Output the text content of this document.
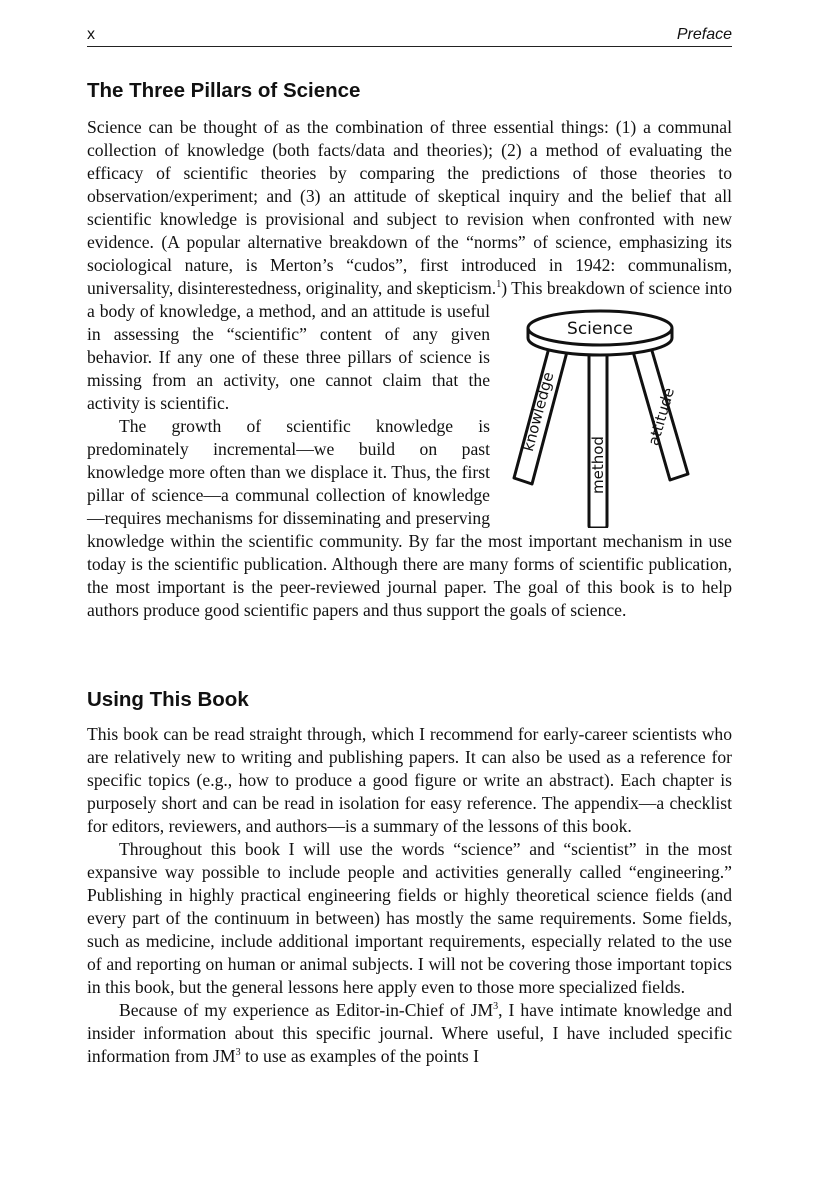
x	Preface
The Three Pillars of Science

Science can be thought of as the combination of three essential things: (1) a communal collection of knowledge (both facts/data and theories); (2) a method of evaluating the efficacy of scientific theories by comparing the predictions of those theories to observation/experiment; and (3) an attitude of skeptical inquiry and the belief that all scientific knowledge is provisional and subject to revision when confronted with new evidence. (A popular alternative breakdown of the “norms” of science, emphasizing its sociological nature, is Merton’s “cudos”, first introduced in 1942: communalism, universality, disinterestedness, originality, and skepticism.
knowledge
method
attitude
Science
$^1$) This breakdown of science into a body of knowledge, a method, and an attitude is useful in assessing the “scientific” content of any given behavior. If any one of these three pillars of science is missing from an activity, one cannot claim that the activity is scientific.

The growth of scientific knowledge is predominately incremental—we build on past knowledge more often than we displace it. Thus, the first pillar of science—a communal collection of knowledge—requires mechanisms for disseminating and preserving knowledge within the scientific community. By far the most important mechanism in use today is the scientific publication. Although there are many forms of scientific publication, the most important is the peer-reviewed journal paper. The goal of this book is to help authors produce good scientific papers and thus support the goals of science.

Using This Book

This book can be read straight through, which I recommend for early-career scientists who are relatively new to writing and publishing papers. It can also be used as a reference for specific topics (e.g., how to produce a good figure or write an abstract). Each chapter is purposely short and can be read in isolation for easy reference. The appendix—a checklist for editors, reviewers, and authors—is a summary of the lessons of this book.

Throughout this book I will use the words “science” and “scientist” in the most expansive way possible to include people and activities generally called “engineering.” Publishing in highly practical engineering fields or highly theoretical science fields (and every part of the continuum in between) has mostly the same requirements. Some fields, such as medicine, include additional important requirements, especially related to the use of and reporting on human or animal subjects. I will not be covering those important topics in this book, but the general lessons here apply even to those more specialized fields.

Because of my experience as Editor-in-Chief of $JM^3$, I have intimate knowledge and insider information about this specific journal. Where useful, I have included specific information from $JM^3$ to use as examples of the points I
